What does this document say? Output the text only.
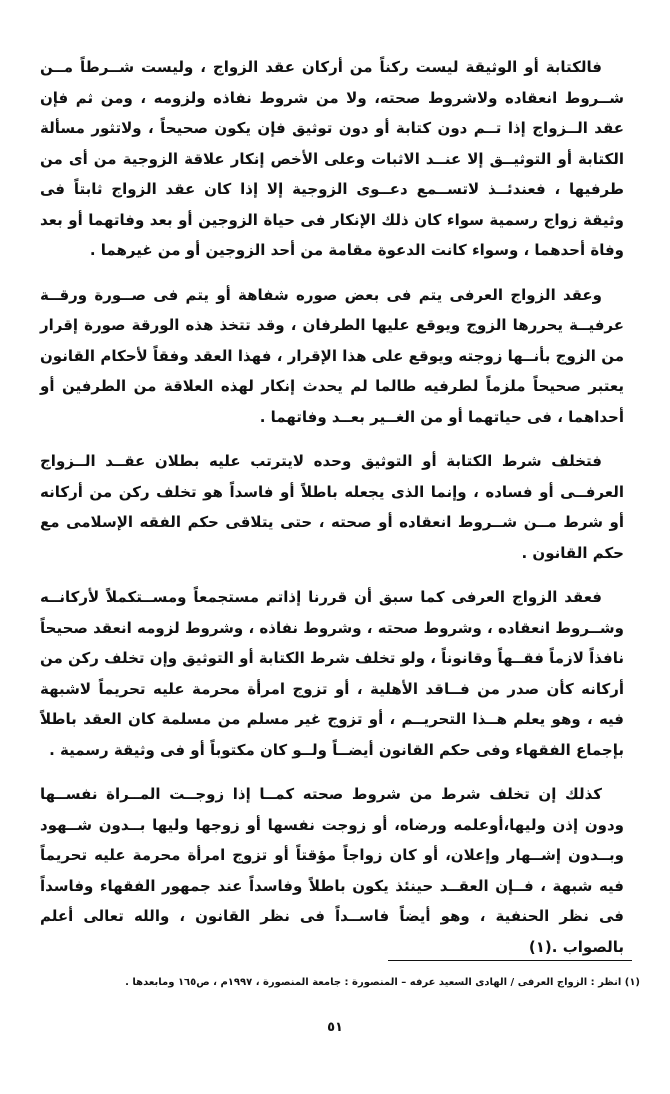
فالكتابة أو الوثيقة ليست ركناً من أركان عقد الزواج ، وليست شــرطاً مــن شــروط انعقاده ولاشروط صحته، ولا من شروط نفاذه ولزومه ، ومن ثم فإن عقد الــزواج إذا تــم دون كتابة أو دون توثيق فإن يكون صحيحاً ، ولاتثور مسألة الكتابة أو التوثيــق إلا عنــد الاثبات وعلى الأخص إنكار علاقة الزوجية من أى من طرفيها ، فعندئــذ لاتســمع دعــوى الزوجية إلا إذا كان عقد الزواج ثابتاً فى وثيقة زواج رسمية سواء كان ذلك الإنكار فى حياة الزوجين أو بعد وفاتهما أو بعد وفاة أحدهما ، وسواء كانت الدعوة مقامة من أحد الزوجين أو من غيرهما .

وعقد الزواج العرفى يتم فى بعض صوره شفاهة أو يتم فى صــورة ورقــة عرفيــة يحررها الزوج ويوقع عليها الطرفان ، وقد تتخذ هذه الورقة صورة إقرار من الزوج بأنــها زوجته ويوقع على هذا الإقرار ، فهذا العقد وفقاً لأحكام القانون يعتبر صحيحاً ملزماً لطرفيه طالما لم يحدث إنكار لهذه العلاقة من الطرفين أو أحداهما ، فى حياتهما أو من الغــير بعــد وفاتهما .

فتخلف شرط الكتابة أو التوثيق وحده لايترتب عليه بطلان عقــد الــزواج العرفــى أو فساده ، وإنما الذى يجعله باطلاً أو فاسداً هو تخلف ركن من أركانه أو شرط مــن شــروط انعقاده أو صحته ، حتى يتلاقى حكم الفقه الإسلامى مع حكم القانون .

فعقد الزواج العرفى كما سبق أن قررنا إذاتم مستجمعاً ومســتكملاً لأركانــه وشــروط انعقاده ، وشروط صحته ، وشروط نفاذه ، وشروط لزومه انعقد صحيحاً نافذاً لازماً فقــهاً وقانوناً ، ولو تخلف شرط الكتابة أو التوثيق وإن تخلف ركن من أركانه كأن صدر من فــاقد الأهلية ، أو تزوج امرأة محرمة عليه تحريماً لاشبهة فيه ، وهو يعلم هــذا التحريــم ، أو تزوج غير مسلم من مسلمة كان العقد باطلاً بإجماع الفقهاء وفى حكم القانون أيضــاً ولــو كان مكتوباً أو فى وثيقة رسمية .

كذلك إن تخلف شرط من شروط صحته كمــا إذا زوجــت المــراة نفســها ودون إذن وليها،أوعلمه ورضاه، أو زوجت نفسها أو زوجها وليها بــدون شــهود وبــدون إشــهار وإعلان، أو كان زواجاً مؤقتاً أو تزوج امرأة محرمة عليه تحريماً فيه شبهة ، فــإن العقــد حينئذ يكون باطلاً وفاسداً عند جمهور الفقهاء وفاسداً فى نظر الحنفية ، وهو أيضاً فاســداً فى نظر القانون ، والله تعالى أعلم بالصواب .(١)

(١) انظر : الزواج العرفى / الهادى السعيد عرفه – المنصورة : جامعة المنصورة ، ١٩٩٧م ، ص١٦٥ ومابعدها .
٥١
